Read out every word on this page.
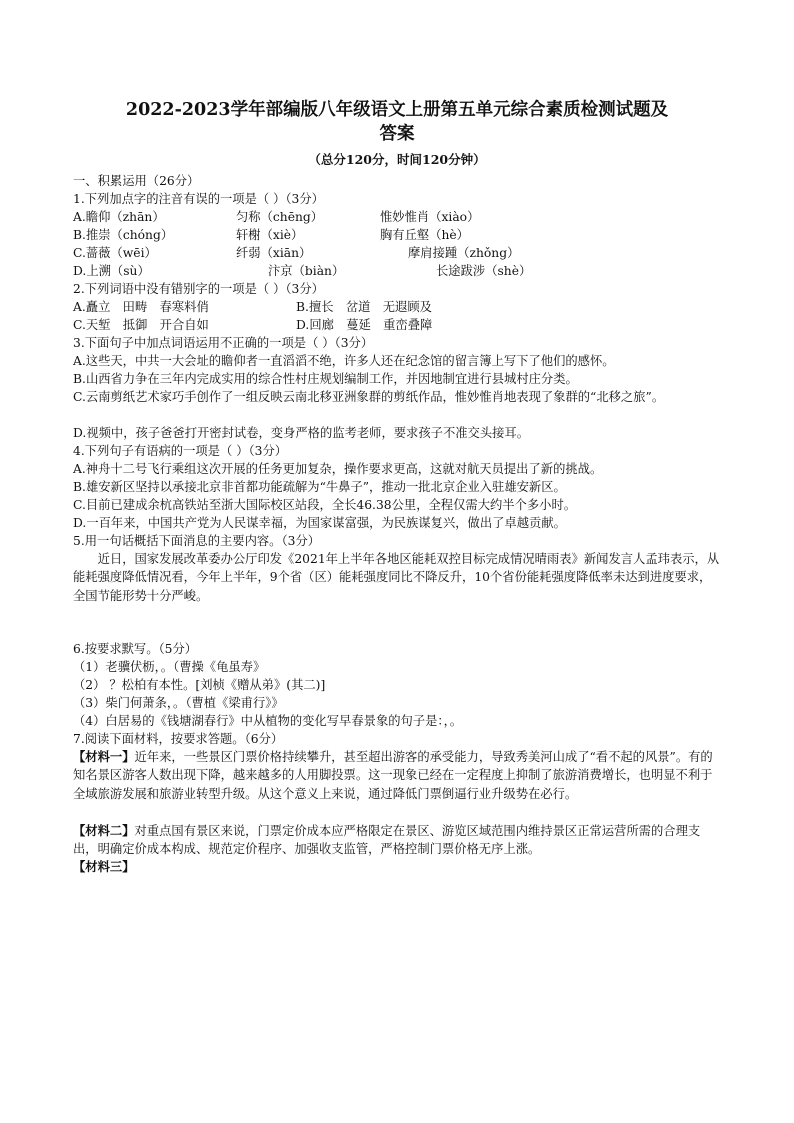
2022-2023学年部编版八年级语文上册第五单元综合素质检测试题及
答案
（总分120分，时间120分钟）
一、积累运用（26分）
1.下列加点字的注音有误的一项是（ ）（3分）
A.瞻仰（zhān）	匀称（chēng）	惟妙惟肖（xiào）
B.推崇（chóng）	轩榭（xiè）	胸有丘壑（hè）
C.蔷薇（wēi）	纤弱（xiān）	摩肩接踵（zhǒng）
D.上溯（sù）	汴京（biàn）	长途跋涉（shè）
2.下列词语中没有错别字的一项是（ ）（3分）
A.矗立　田畴　春寒料俏	B.擅长　岔道　无遐顾及
C.天堑　抵御　开合自如	D.回廊　蔓延　重峦叠障
3.下面句子中加点词语运用不正确的一项是（ ）（3分）
A.这些天，中共一大会址的瞻仰者一直滔滔不绝，许多人还在纪念馆的留言簿上写下了他们的感怀。
B.山西省力争在三年内完成实用的综合性村庄规划编制工作，并因地制宜进行县城村庄分类。
C.云南剪纸艺术家巧手创作了一组反映云南北移亚洲象群的剪纸作品，惟妙惟肖地表现了象群的“北移之旅”。
D.视频中，孩子爸爸打开密封试卷，变身严格的监考老师，要求孩子不准交头接耳。
4.下列句子有语病的一项是（ ）（3分）
A.神舟十二号飞行乘组这次开展的任务更加复杂，操作要求更高，这就对航天员提出了新的挑战。
B.雄安新区坚持以承接北京非首都功能疏解为“牛鼻子”，推动一批北京企业入驻雄安新区。
C.目前已建成余杭高铁站至浙大国际校区站段，全长46.38公里，全程仅需大约半个多小时。
D.一百年来，中国共产党为人民谋幸福，为国家谋富强，为民族谋复兴，做出了卓越贡献。
5.用一句话概括下面消息的主要内容。（3分）
近日，国家发展改革委办公厅印发《2021年上半年各地区能耗双控目标完成情况晴雨表》新闻发言人孟玮表示，从能耗强度降低情况看，今年上半年，9个省（区）能耗强度同比不降反升，10个省份能耗强度降低率未达到进度要求，全国节能形势十分严峻。
6.按要求默写。（5分）
（1）老骥伏枥，。（曹操《龟虽寿》
（2） ？松柏有本性。[刘桢《赠从弟》(其二)]
（3）柴门何萧条，。（曹植《梁甫行》》
（4）白居易的《钱塘湖春行》中从植物的变化写早春景象的句子是：，。
7.阅读下面材料，按要求答题。（6分）
【材料一】近年来，一些景区门票价格持续攀升，甚至超出游客的承受能力，导致秀美河山成了“看不起的风景”。有的知名景区游客人数出现下降，越来越多的人用脚投票。这一现象已经在一定程度上抑制了旅游消费增长，也明显不利于全域旅游发展和旅游业转型升级。从这个意义上来说，通过降低门票倒逼行业升级势在必行。
【材料二】对重点国有景区来说，门票定价成本应严格限定在景区、游览区域范围内维持景区正常运营所需的合理支出，明确定价成本构成、规范定价程序、加强收支监管，严格控制门票价格无序上涨。
【材料三】
